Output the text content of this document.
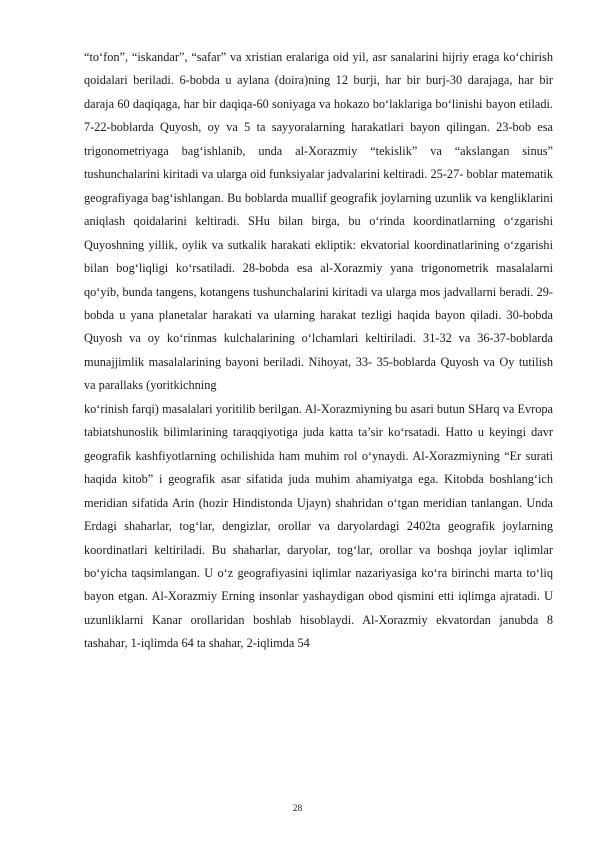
“to‘fon”, “iskandar”, “safar” va xristian eralariga oid yil, asr sanalarini hijriy eraga ko‘chirish qoidalari beriladi. 6-bobda u aylana (doira)ning 12 burji, har bir burj-30 darajaga, har bir daraja 60 daqiqaga, har bir daqiqa-60 soniyaga va hokazo bo‘laklariga bo‘linishi bayon etiladi. 7-22-boblarda Quyosh, oy va 5 ta sayyoralarning harakatlari bayon qilingan. 23-bob esa trigonometriyaga bag‘ishlanib, unda al-Xorazmiy “tekislik” va “akslangan sinus” tushunchalarini kiritadi va ularga oid funksiyalar jadvalarini keltiradi. 25-27- boblar matematik geografiyaga bag‘ishlangan. Bu boblarda muallif geografik joylarning uzunlik va kengliklarini aniqlash qoidalarini keltiradi. SHu bilan birga, bu o‘rinda koordinatlarning o‘zgarishi Quyoshning yillik, oylik va sutkalik harakati ekliptik: ekvatorial koordinatlarining o‘zgarishi bilan bog‘liqligi ko‘rsatiladi. 28-bobda esa al-Xorazmiy yana trigonometrik masalalarni qo‘yib, bunda tangens, kotangens tushunchalarini kiritadi va ularga mos jadvallarni beradi. 29-bobda u yana planetalar harakati va ularning harakat tezligi haqida bayon qiladi. 30-bobda Quyosh va oy ko‘rinmas kulchalarining o‘lchamlari keltiriladi. 31-32 va 36-37-boblarda munajjimlik masalalarining bayoni beriladi. Nihoyat, 33- 35-boblarda Quyosh va Oy tutilish va parallaks (yoritkichning

ko‘rinish farqi) masalalari yoritilib berilgan. Al-Xorazmiyning bu asari butun SHarq va Evropa tabiatshunoslik bilimlarining taraqqiyotiga juda katta ta’sir ko‘rsatadi. Hatto u keyingi davr geografik kashfiyotlarning ochilishida ham muhim rol o‘ynaydi. Al-Xorazmiyning “Er surati haqida kitob” i geografik asar sifatida juda muhim ahamiyatga ega. Kitobda boshlang‘ich meridian sifatida Arin (hozir Hindistonda Ujayn) shahridan o‘tgan meridian tanlangan. Unda Erdagi shaharlar, tog‘lar, dengizlar, orollar va daryolardagi 2402ta geografik joylarning koordinatlari keltiriladi. Bu shaharlar, daryolar, tog‘lar, orollar va boshqa joylar iqlimlar bo‘yicha taqsimlangan. U o‘z geografiyasini iqlimlar nazariyasiga ko‘ra birinchi marta to‘liq bayon etgan. Al-Xorazmiy Erning insonlar yashaydigan obod qismini etti iqlimga ajratadi. U uzunliklarni Kanar orollaridan boshlab hisoblaydi. Al-Xorazmiy ekvatordan janubda 8 tashahar, 1-iqlimda 64 ta shahar, 2-iqlimda 54

28
